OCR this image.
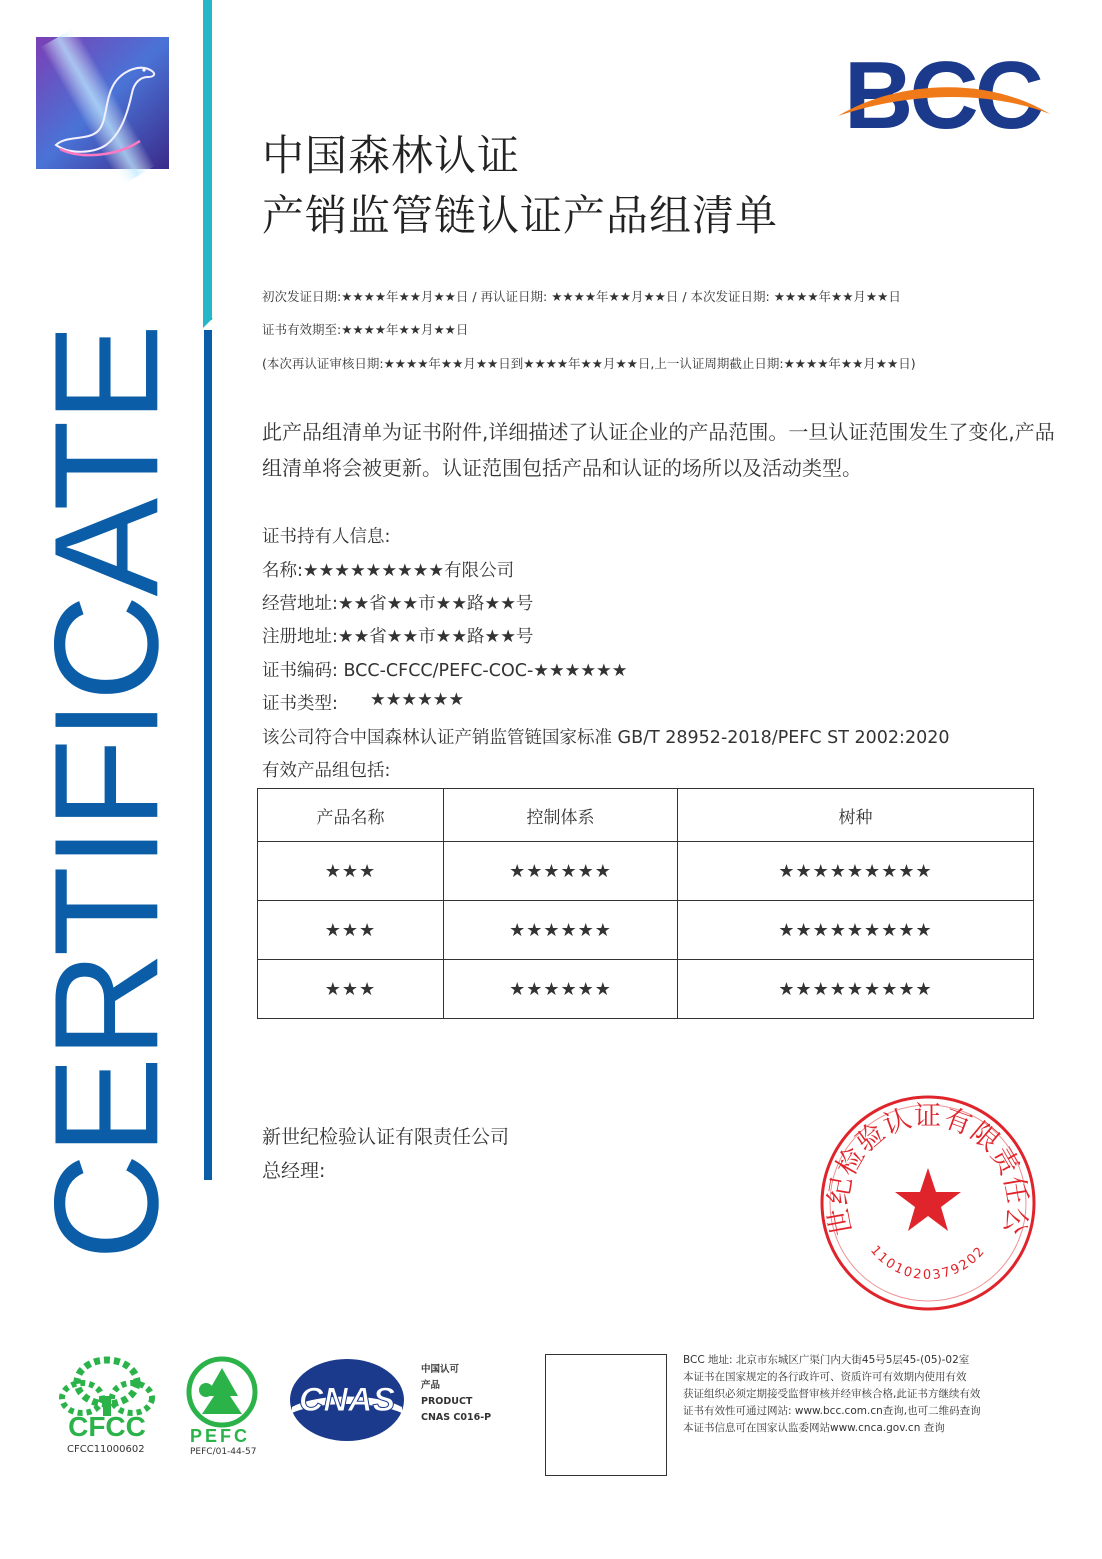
CERTIFICATE
BCC
中国森林认证
产销监管链认证产品组清单
初次发证日期:★★★★年★★月★★日 / 再认证日期: ★★★★年★★月★★日 / 本次发证日期: ★★★★年★★月★★日
证书有效期至:★★★★年★★月★★日
(本次再认证审核日期:★★★★年★★月★★日到★★★★年★★月★★日,上一认证周期截止日期:★★★★年★★月★★日)
此产品组清单为证书附件,详细描述了认证企业的产品范围。一旦认证范围发生了变化,产品组清单将会被更新。认证范围包括产品和认证的场所以及活动类型。
证书持有人信息:
名称:★★★★★★★★★有限公司
经营地址:★★省★★市★★路★★号
注册地址:★★省★★市★★路★★号
证书编码: BCC-CFCC/PEFC-COC-★★★★★★
证书类型: ★★★★★★
该公司符合中国森林认证产销监管链国家标准 GB/T 28952-2018/PEFC ST 2002:2020
有效产品组包括:
产品名称	控制体系	树种
★★★	★★★★★★	★★★★★★★★★
★★★	★★★★★★	★★★★★★★★★
★★★	★★★★★★	★★★★★★★★★
新世纪检验认证有限责任公司
总经理:
世纪检验认证有限责任公
1101020379202
CFCC
CFCC11000602
PEFC
PEFC/01-44-57
CNAS
中国认可
产品
PRODUCT
CNAS C016-P
BCC 地址: 北京市东城区广渠门内大街45号5层45-(05)-02室
本证书在国家规定的各行政许可、资质许可有效期内使用有效
获证组织必须定期接受监督审核并经审核合格,此证书方继续有效
证书有效性可通过网站: www.bcc.com.cn查询,也可二维码查询
本证书信息可在国家认监委网站www.cnca.gov.cn 查询
